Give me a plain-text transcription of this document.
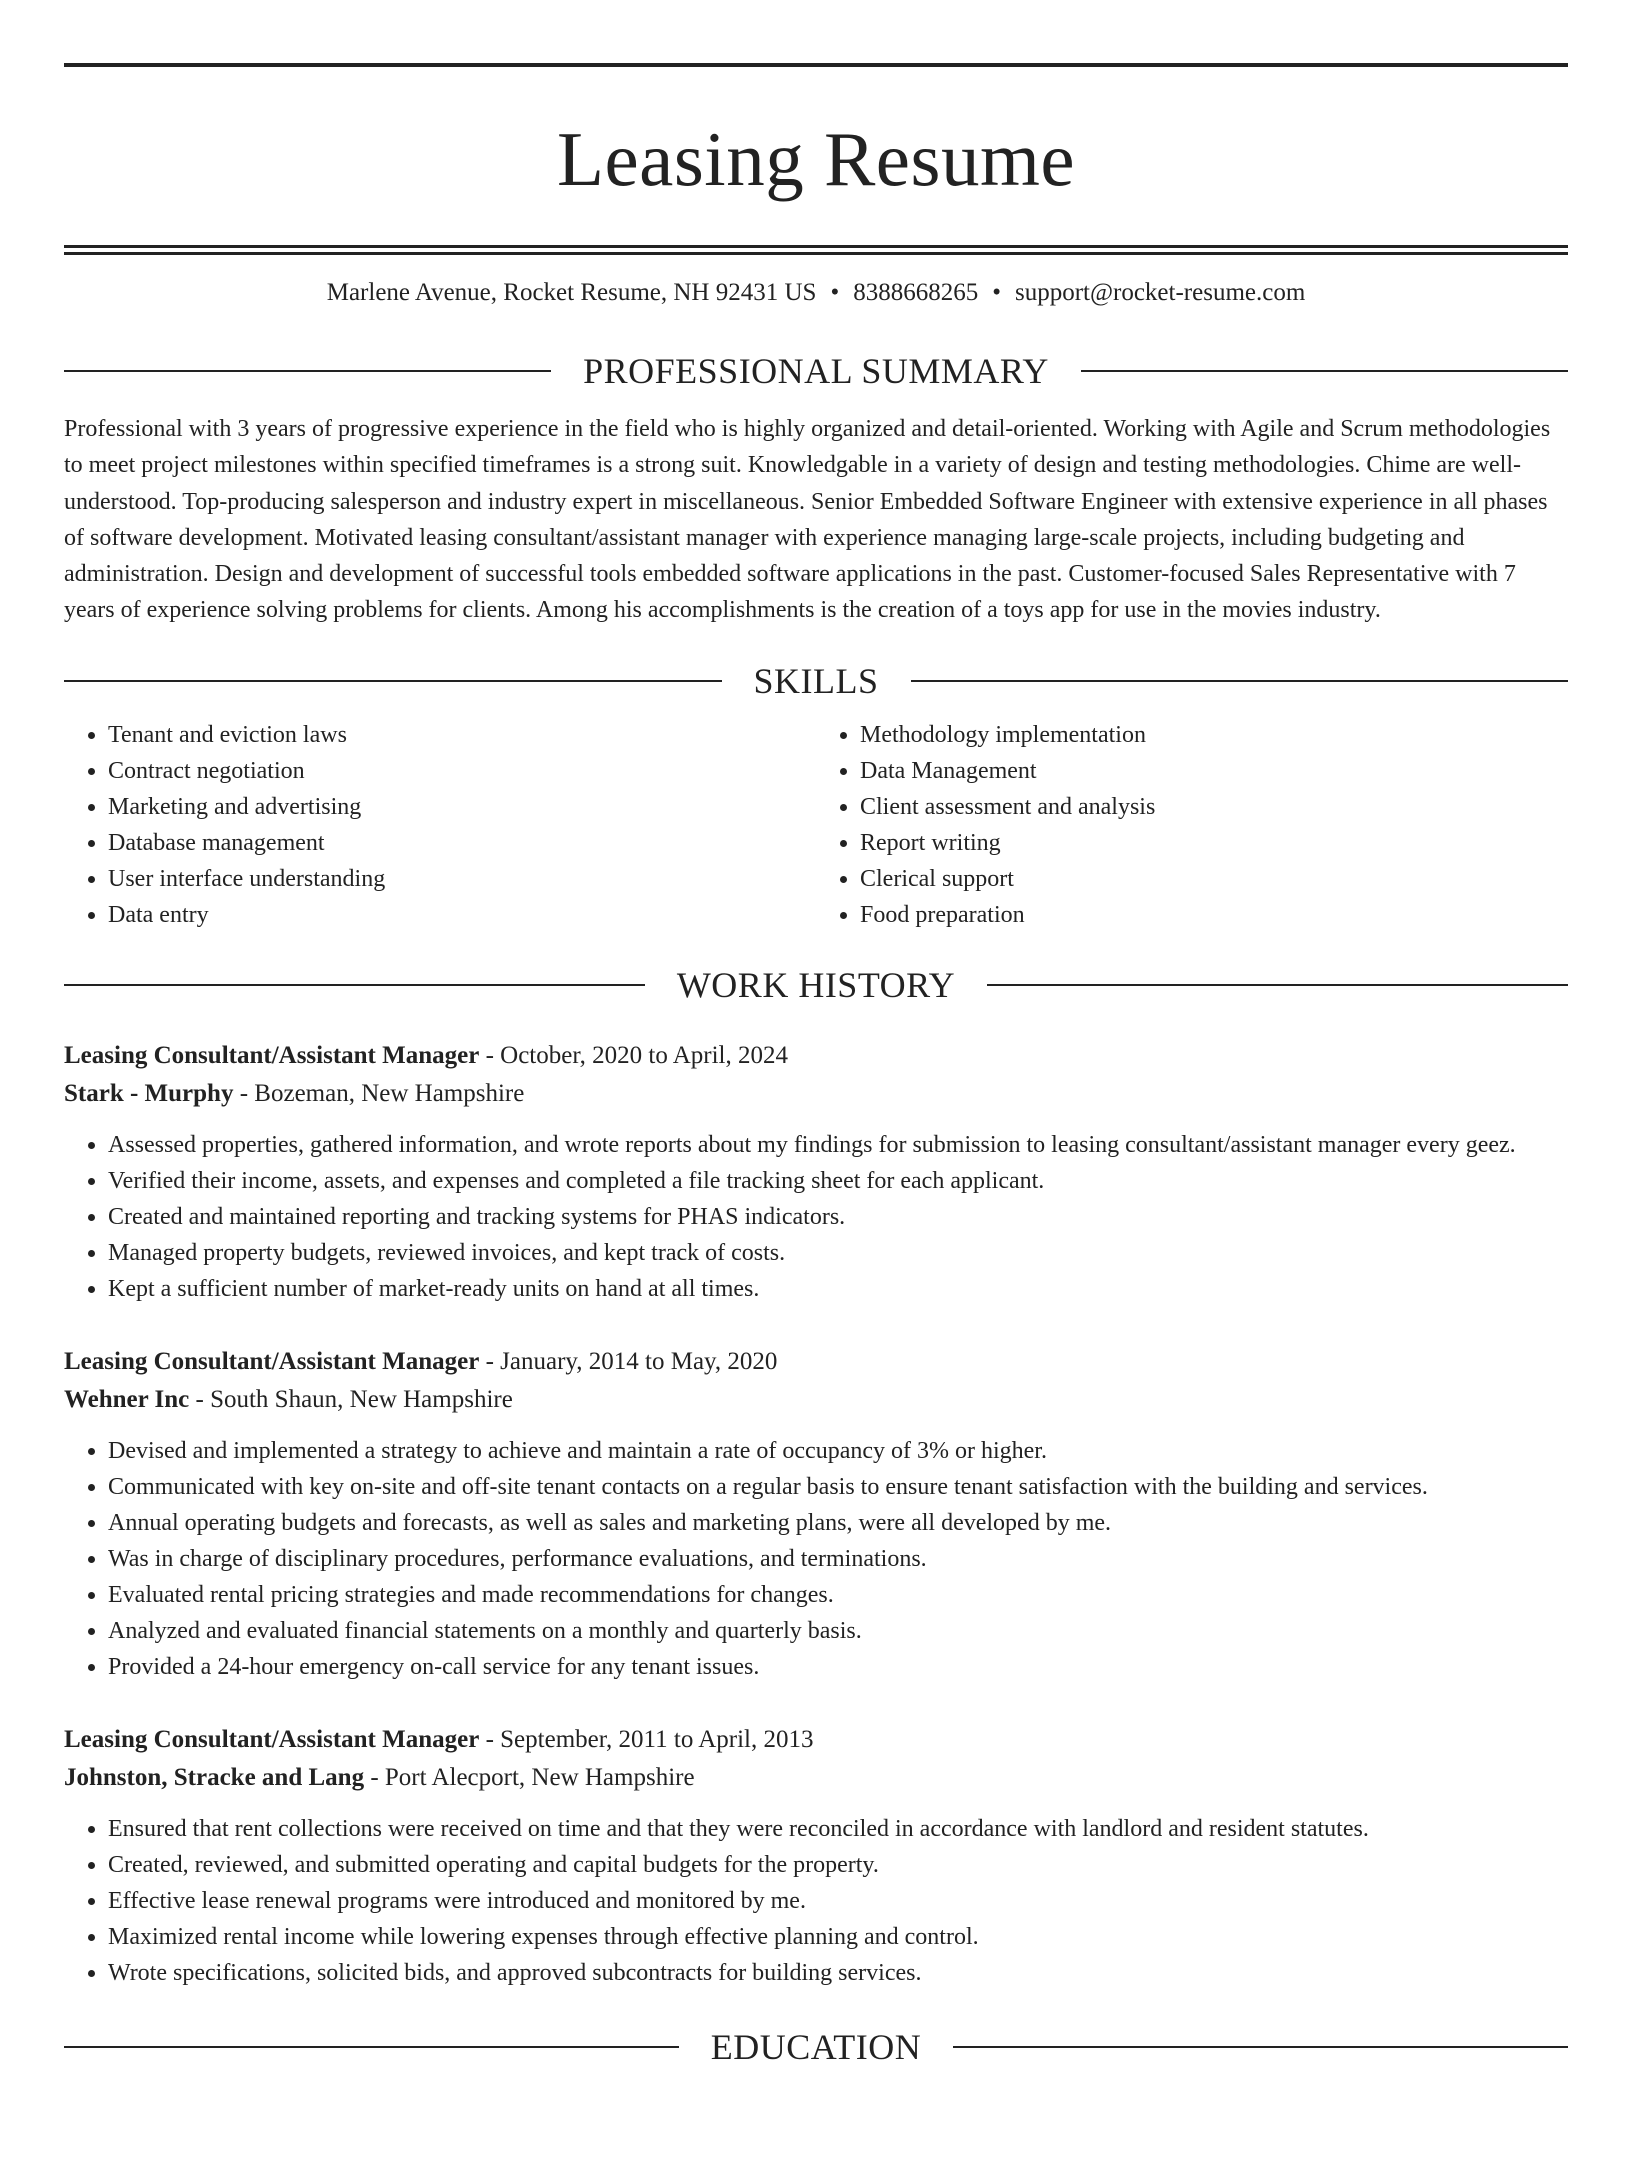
Leasing Resume
Marlene Avenue, Rocket Resume, NH 92431 US • 8388668265 • support@rocket-resume.com
PROFESSIONAL SUMMARY

Professional with 3 years of progressive experience in the field who is highly organized and detail-oriented. Working with Agile and Scrum methodologies to meet project milestones within specified timeframes is a strong suit. Knowledgable in a variety of design and testing methodologies. Chime are well-understood. Top-producing salesperson and industry expert in miscellaneous. Senior Embedded Software Engineer with extensive experience in all phases of software development. Motivated leasing consultant/assistant manager with experience managing large-scale projects, including budgeting and administration. Design and development of successful tools embedded software applications in the past. Customer-focused Sales Representative with 7 years of experience solving problems for clients. Among his accomplishments is the creation of a toys app for use in the movies industry.

SKILLS
• Tenant and eviction laws
• Contract negotiation
• Marketing and advertising
• Database management
• User interface understanding
• Data entry
• Methodology implementation
• Data Management
• Client assessment and analysis
• Report writing
• Clerical support
• Food preparation
WORK HISTORY
Leasing Consultant/Assistant Manager - October, 2020 to April, 2024
Stark - Murphy - Bozeman, New Hampshire
• Assessed properties, gathered information, and wrote reports about my findings for submission to leasing consultant/assistant manager every geez.
• Verified their income, assets, and expenses and completed a file tracking sheet for each applicant.
• Created and maintained reporting and tracking systems for PHAS indicators.
• Managed property budgets, reviewed invoices, and kept track of costs.
• Kept a sufficient number of market-ready units on hand at all times.
Leasing Consultant/Assistant Manager - January, 2014 to May, 2020
Wehner Inc - South Shaun, New Hampshire
• Devised and implemented a strategy to achieve and maintain a rate of occupancy of 3% or higher.
• Communicated with key on-site and off-site tenant contacts on a regular basis to ensure tenant satisfaction with the building and services.
• Annual operating budgets and forecasts, as well as sales and marketing plans, were all developed by me.
• Was in charge of disciplinary procedures, performance evaluations, and terminations.
• Evaluated rental pricing strategies and made recommendations for changes.
• Analyzed and evaluated financial statements on a monthly and quarterly basis.
• Provided a 24-hour emergency on-call service for any tenant issues.
Leasing Consultant/Assistant Manager - September, 2011 to April, 2013
Johnston, Stracke and Lang - Port Alecport, New Hampshire
• Ensured that rent collections were received on time and that they were reconciled in accordance with landlord and resident statutes.
• Created, reviewed, and submitted operating and capital budgets for the property.
• Effective lease renewal programs were introduced and monitored by me.
• Maximized rental income while lowering expenses through effective planning and control.
• Wrote specifications, solicited bids, and approved subcontracts for building services.
EDUCATION
